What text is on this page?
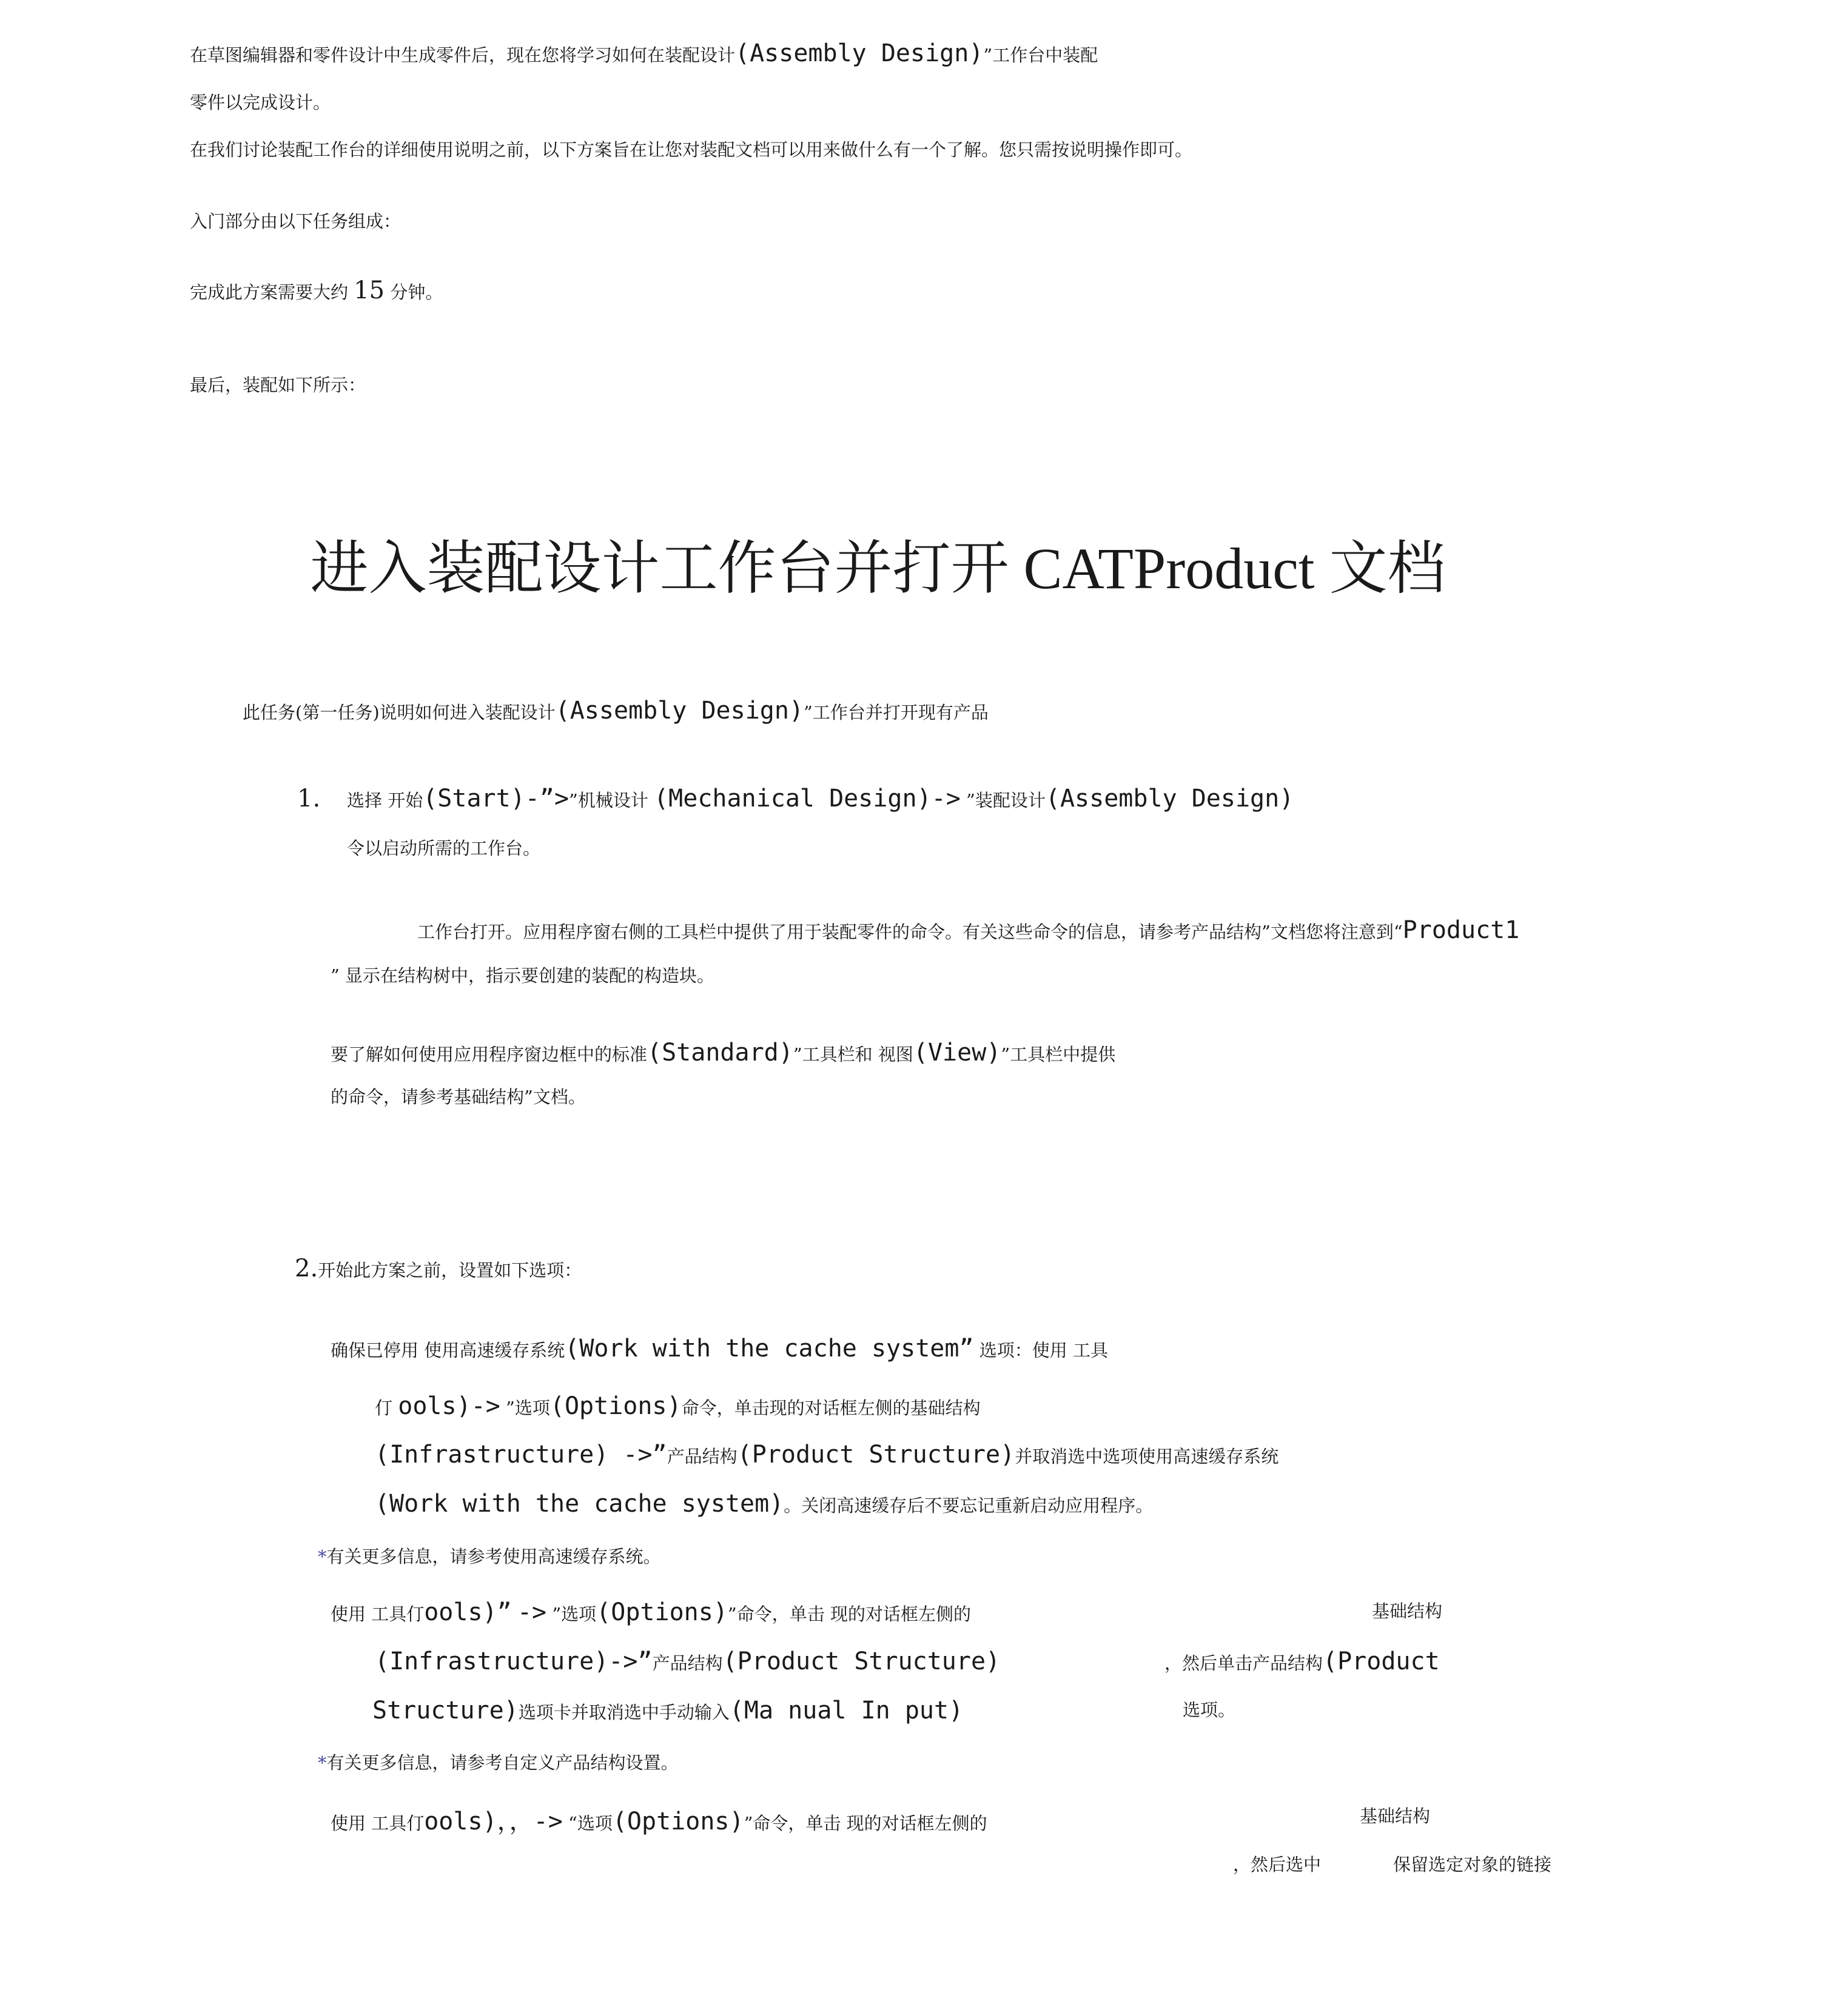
在草图编辑器和零件设计中生成零件后，现在您将学习如何在装配设计(Assembly Design)”工作台中装配
零件以完成设计。
在我们讨论装配工作台的详细使用说明之前，以下方案旨在让您对装配文档可以用来做什么有一个了解。您只需按说明操作即可。
入门部分由以下任务组成：
完成此方案需要大约 15 分钟。
最后，装配如下所示：
进入装配设计工作台并打开 CATProduct 文档
此任务(第一任务)说明如何进入装配设计(Assembly Design)”工作台并打开现有产品
1. 选择 开始(Start)-”>”机械设计 (Mechanical Design)-> ”装配设计(Assembly Design)
令以启动所需的工作台。
工作台打开。应用程序窗右侧的工具栏中提供了用于装配零件的命令。有关这些命令的信息，请参考产品结构”文档您将注意到“Product1
” 显示在结构树中，指示要创建的装配的构造块。
要了解如何使用应用程序窗边框中的标准(Standard)”工具栏和 视图(View)”工具栏中提供
的命令，请参考基础结构”文档。
2.开始此方案之前，设置如下选项：
确保已停用 使用高速缓存系统(Work with the cache system” 选项：使用 工具
仃 ools)-> ”选项(Options)命令，单击现的对话框左侧的基础结构
(Infrastructure) ->”产品结构(Product Structure)并取消选中选项使用高速缓存系统
(Work with the cache system)。关闭高速缓存后不要忘记重新启动应用程序。
*有关更多信息，请参考使用高速缓存系统。
使用 工具仃ools)” -> ”选项(Options)”命令，单击 现的对话框左侧的	基础结构
(Infrastructure)->”产品结构(Product Structure)	，然后单击产品结构(Product
Structure)选项卡并取消选中手动输入(Ma nual In put)	选项。
*有关更多信息，请参考自定义产品结构设置。
使用 工具仃ools)，，-> “选项(Options)”命令，单击 现的对话框左侧的	基础结构
，然后选中	保留选定对象的链接
